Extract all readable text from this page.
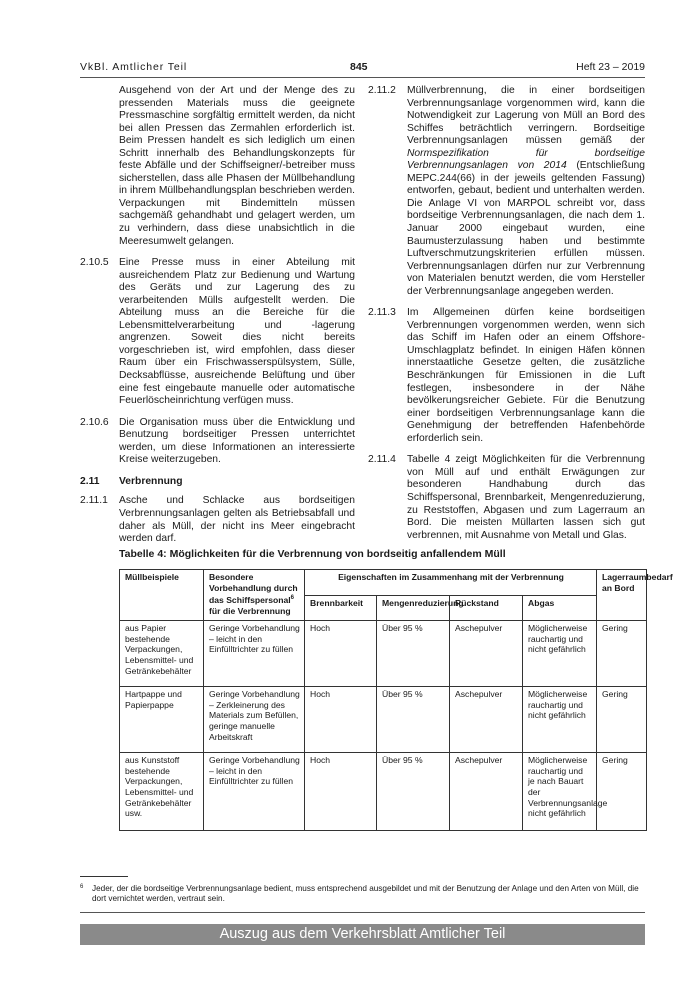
VkBl. Amtlicher Teil	845	Heft 23 – 2019
Ausgehend von der Art und der Menge des zu pressenden Materials muss die geeignete Pressmaschine sorgfältig ermittelt werden, da nicht bei allen Pressen das Zermahlen erforderlich ist. Beim Pressen handelt es sich lediglich um einen Schritt innerhalb des Behandlungskonzepts für feste Abfälle und der Schiffseigner/-betreiber muss sicherstellen, dass alle Phasen der Müllbehandlung in ihrem Müllbehandlungsplan beschrieben werden. Verpackungen mit Bindemitteln müssen sachgemäß gehandhabt und gelagert werden, um zu verhindern, dass diese unabsichtlich in die Meeresumwelt gelangen.
2.10.5 Eine Presse muss in einer Abteilung mit ausreichendem Platz zur Bedienung und Wartung des Geräts und zur Lagerung des zu verarbeitenden Mülls aufgestellt werden. Die Abteilung muss an die Bereiche für die Lebensmittelverarbeitung und -lagerung angrenzen. Soweit dies nicht bereits vorgeschrieben ist, wird empfohlen, dass dieser Raum über ein Frischwasserspülsystem, Sülle, Decksabflüsse, ausreichende Belüftung und über eine fest eingebaute manuelle oder automatische Feuerlöscheinrichtung verfügen muss.
2.10.6 Die Organisation muss über die Entwicklung und Benutzung bordseitiger Pressen unterrichtet werden, um diese Informationen an interessierte Kreise weiterzugeben.
2.11 Verbrennung
2.11.1 Asche und Schlacke aus bordseitigen Verbrennungsanlagen gelten als Betriebsabfall und daher als Müll, der nicht ins Meer eingebracht werden darf.
2.11.2 Müllverbrennung, die in einer bordseitigen Verbrennungsanlage vorgenommen wird, kann die Notwendigkeit zur Lagerung von Müll an Bord des Schiffes beträchtlich verringern. Bordseitige Verbrennungsanlagen müssen gemäß der Normspezifikation für bordseitige Verbrennungsanlagen von 2014 (Entschließung MEPC.244(66) in der jeweils geltenden Fassung) entworfen, gebaut, bedient und unterhalten werden. Die Anlage VI von MARPOL schreibt vor, dass bordseitige Verbrennungsanlagen, die nach dem 1. Januar 2000 eingebaut wurden, eine Baumusterzulassung haben und bestimmte Luftverschmutzungskriterien erfüllen müssen. Verbrennungsanlagen dürfen nur zur Verbrennung von Materialen benutzt werden, die vom Hersteller der Verbrennungsanlage angegeben werden.
2.11.3 Im Allgemeinen dürfen keine bordseitigen Verbrennungen vorgenommen werden, wenn sich das Schiff im Hafen oder an einem Offshore-Umschlagplatz befindet. In einigen Häfen können innerstaatliche Gesetze gelten, die zusätzliche Beschränkungen für Emissionen in die Luft festlegen, insbesondere in der Nähe bevölkerungsreicher Gebiete. Für die Benutzung einer bordseitigen Verbrennungsanlage kann die Genehmigung der betreffenden Hafenbehörde erforderlich sein.
2.11.4 Tabelle 4 zeigt Möglichkeiten für die Verbrennung von Müll auf und enthält Erwägungen zur besonderen Handhabung durch das Schiffspersonal, Brennbarkeit, Mengenreduzierung, zu Reststoffen, Abgasen und zum Lagerraum an Bord. Die meisten Müllarten lassen sich gut verbrennen, mit Ausnahme von Metall und Glas.
Tabelle 4: Möglichkeiten für die Verbrennung von bordseitig anfallendem Müll
Müllbeispiele	Besondere Vorbehandlung durch das Schiffspersonal$^6$ für die Verbrennung	Eigenschaften im Zusammenhang mit der Verbrennung				Lagerraumbedarf an Bord
		Brennbarkeit	Mengenreduzierung	Rückstand	Abgas	
aus Papier bestehende Verpackungen, Lebensmittel- und Getränkebehälter	Geringe Vorbehandlung – leicht in den Einfülltrichter zu füllen	Hoch	Über 95 %	Aschepulver	Möglicherweise rauchartig und nicht gefährlich	Gering
Hartpappe und Papierpappe	Geringe Vorbehandlung – Zerkleinerung des Materials zum Befüllen, geringe manuelle Arbeitskraft	Hoch	Über 95 %	Aschepulver	Möglicherweise rauchartig und nicht gefährlich	Gering
aus Kunststoff bestehende Verpackungen, Lebensmittel- und Getränkebehälter usw.	Geringe Vorbehandlung – leicht in den Einfülltrichter zu füllen	Hoch	Über 95 %	Aschepulver	Möglicherweise rauchartig und je nach Bauart der Verbrennungsanlage nicht gefährlich	Gering
6	Jeder, der die bordseitige Verbrennungsanlage bedient, muss entsprechend ausgebildet und mit der Benutzung der Anlage und den Arten von Müll, die dort vernichtet werden, vertraut sein.
Auszug aus dem Verkehrsblatt Amtlicher Teil
